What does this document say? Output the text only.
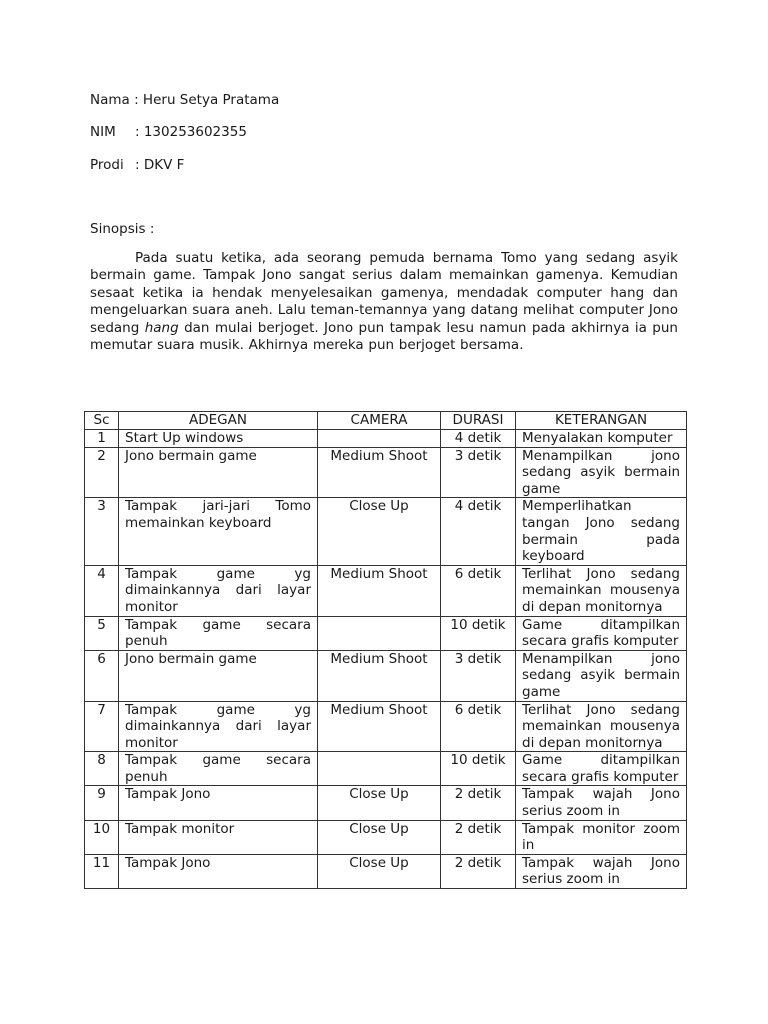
Nama : Heru Setya Pratama
NIM : 130253602355
Prodi : DKV F
Sinopsis :

Pada suatu ketika, ada seorang pemuda bernama Tomo yang sedang asyik bermain game. Tampak Jono sangat serius dalam memainkan gamenya. Kemudian sesaat ketika ia hendak menyelesaikan gamenya, mendadak computer hang dan mengeluarkan suara aneh. Lalu teman-temannya yang datang melihat computer Jono sedang hang dan mulai berjoget. Jono pun tampak lesu namun pada akhirnya ia pun memutar suara musik. Akhirnya mereka pun berjoget bersama.

Sc	ADEGAN	CAMERA	DURASI	KETERANGAN
1	Start Up windows		4 detik	Menyalakan komputer
2	Jono bermain game	Medium Shoot	3 detik	Menampilkan jono sedang asyik bermain game
3	Tampak jari-jari Tomo memainkan keyboard	Close Up	4 detik	Memperlihatkan tangan Jono sedang bermain pada keyboard
4	Tampak game yg dimainkannya dari layar monitor	Medium Shoot	6 detik	Terlihat Jono sedang memainkan mousenya di depan monitornya
5	Tampak game secara penuh		10 detik	Game ditampilkan secara grafis komputer
6	Jono bermain game	Medium Shoot	3 detik	Menampilkan jono sedang asyik bermain game
7	Tampak game yg dimainkannya dari layar monitor	Medium Shoot	6 detik	Terlihat Jono sedang memainkan mousenya di depan monitornya
8	Tampak game secara penuh		10 detik	Game ditampilkan secara grafis komputer
9	Tampak Jono	Close Up	2 detik	Tampak wajah Jono serius zoom in
10	Tampak monitor	Close Up	2 detik	Tampak monitor zoom in
11	Tampak Jono	Close Up	2 detik	Tampak wajah Jono serius zoom in
